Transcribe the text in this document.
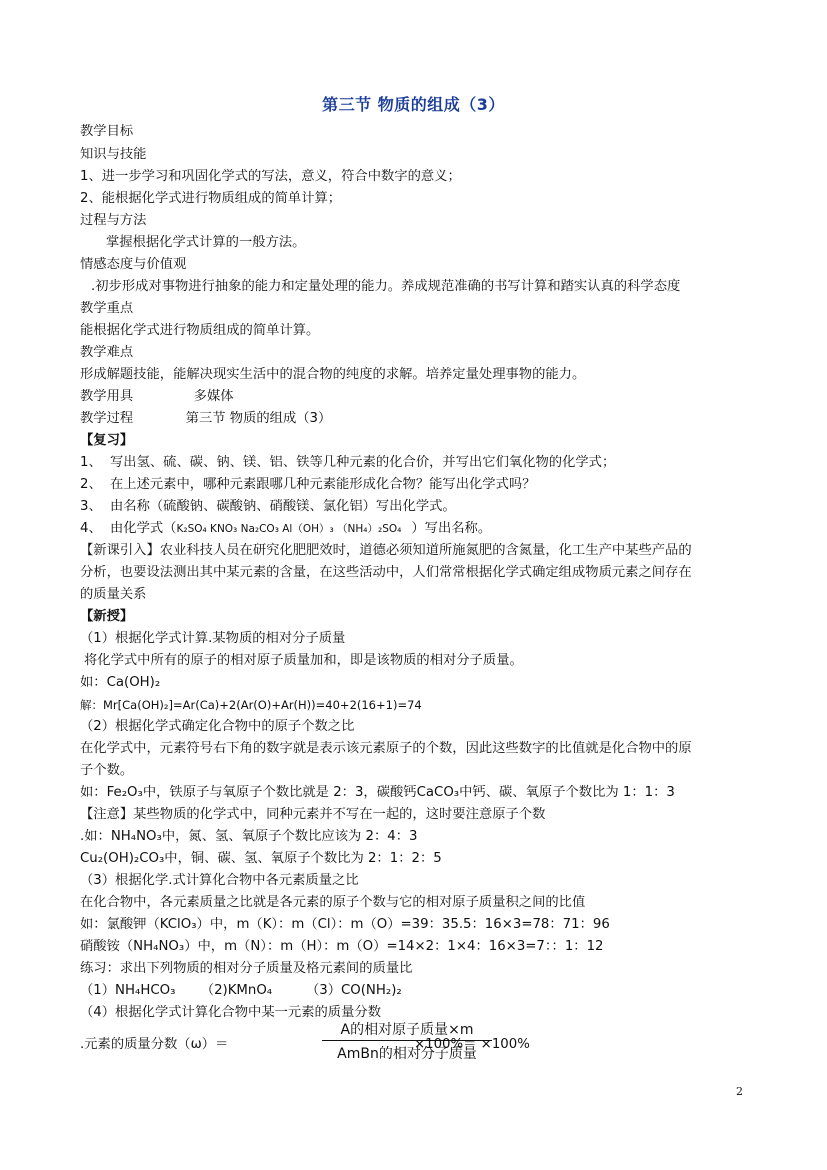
第三节 物质的组成（3）
教学目标
知识与技能
1、进一步学习和巩固化学式的写法，意义，符合中数字的意义；
2、能根据化学式进行物质组成的简单计算；
过程与方法
掌握根据化学式计算的一般方法。
情感态度与价值观
.初步形成对事物进行抽象的能力和定量处理的能力。养成规范准确的书写计算和踏实认真的科学态度
教学重点
能根据化学式进行物质组成的简单计算。
教学难点
形成解题技能，能解决现实生活中的混合物的纯度的求解。培养定量处理事物的能力。
教学用具	多媒体
教学过程	第三节 物质的组成（3）
【复习】
1、 写出氢、硫、碳、钠、镁、铝、铁等几种元素的化合价，并写出它们氧化物的化学式；
2、 在上述元素中，哪种元素跟哪几种元素能形成化合物？能写出化学式吗？
3、 由名称（硫酸钠、碳酸钠、硝酸镁、氯化铝）写出化学式。
4、 由化学式（K₂SO₄ KNO₃ Na₂CO₃ Al（OH）₃ （NH₄）₂SO₄ ）写出名称。
【新课引入】农业科技人员在研究化肥肥效时，道德必须知道所施氮肥的含氮量，化工生产中某些产品的
分析，也要设法测出其中某元素的含量，在这些活动中，人们常常根据化学式确定组成物质元素之间存在
的质量关系
【新授】
（1）根据化学式计算.某物质的相对分子质量
将化学式中所有的原子的相对原子质量加和，即是该物质的相对分子质量。
如：Ca(OH)₂
解：Mr[Ca(OH)₂]=Ar(Ca)+2(Ar(O)+Ar(H))=40+2(16+1)=74
（2）根据化学式确定化合物中的原子个数之比
在化学式中，元素符号右下角的数字就是表示该元素原子的个数，因此这些数字的比值就是化合物中的原
子个数。
如：Fe₂O₃中，铁原子与氧原子个数比就是 2：3，碳酸钙CaCO₃中钙、碳、氧原子个数比为 1：1：3
【注意】某些物质的化学式中，同种元素并不写在一起的，这时要注意原子个数
.如：NH₄NO₃中，氮、氢、氧原子个数比应该为 2：4：3
Cu₂(OH)₂CO₃中，铜、碳、氢、氧原子个数比为 2：1：2：5
（3）根据化学.式计算化合物中各元素质量之比
在化合物中，各元素质量之比就是各元素的原子个数与它的相对原子质量积之间的比值
如：氯酸钾（KClO₃）中，m（K）：m（Cl）：m（O）=39：35.5：16×3=78：71：96
硝酸铵（NH₄NO₃）中，m（N）：m（H）：m（O）=14×2：1×4：16×3=7：：1：12
练习：求出下列物质的相对分子质量及格元素间的质量比
（1）NH₄HCO₃      （2)KMnO₄        （3）CO(NH₂)₂
（4）根据化学式计算化合物中某一元素的质量分数
.元素的质量分数（ω）＝
A的相对原子质量×m
AmBn的相对分子质量
×100%＝ ×100%
2
